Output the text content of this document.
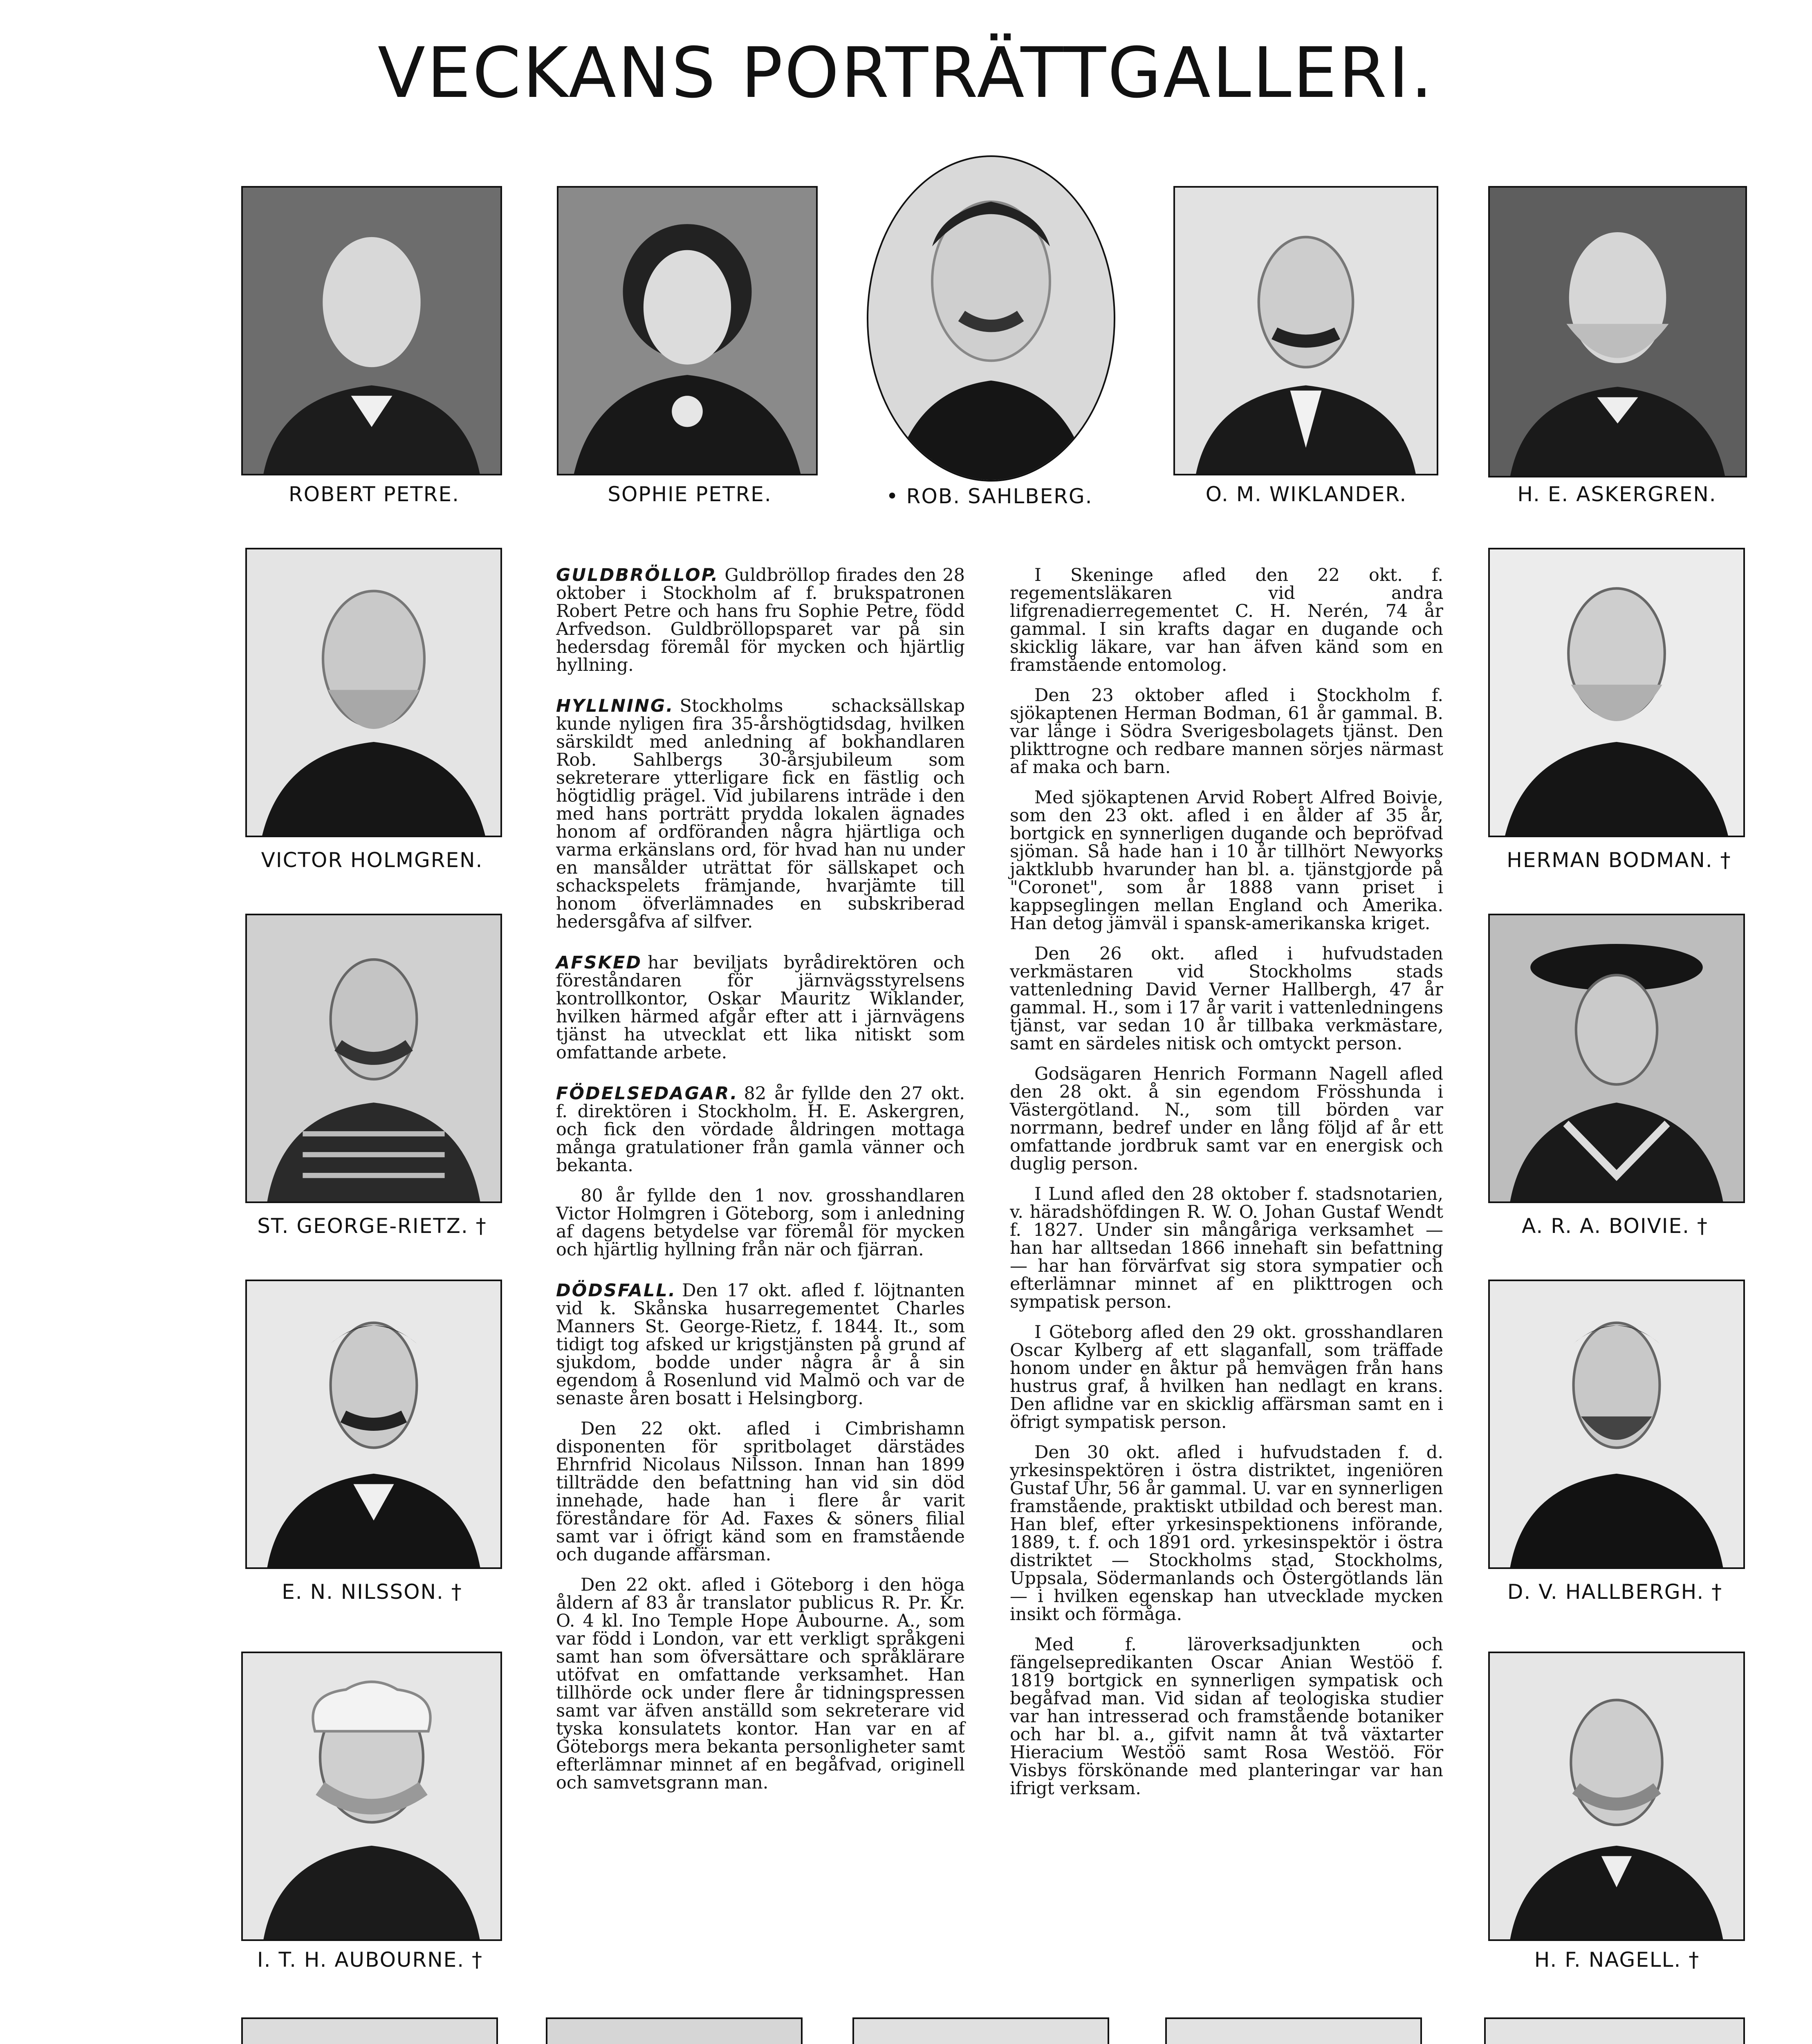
VECKANS PORTRÄTTGALLERI.
ROBERT PETRE.	SOPHIE PETRE.	• ROB. SAHLBERG.	O. M. WIKLANDER.	H. E. ASKERGREN.
VICTOR HOLMGREN.
ST. GEORGE-RIETZ. †
E. N. NILSSON. †
I. T. H. AUBOURNE. †
HERMAN BODMAN. †
A. R. A. BOIVIE. †
D. V. HALLBERGH. †
H. F. NAGELL. †

GULDBRÖLLOP. Guldbröllop firades den 28 oktober i Stockholm af f. brukspatronen Robert Petre och hans fru Sophie Petre, född Arfvedson. Guldbröllopsparet var på sin hedersdag föremål för mycken och hjärtlig hyllning.

HYLLNING. Stockholms schacksällskap kunde nyligen fira 35-årshögtidsdag, hvilken särskildt med anledning af bokhandlaren Rob. Sahlbergs 30-årsjubileum som sekreterare ytterligare fick en fästlig och högtidlig prägel. Vid jubilarens inträde i den med hans porträtt prydda lokalen ägnades honom af ordföranden några hjärtliga och varma erkänslans ord, för hvad han nu under en mansålder uträttat för sällskapet och schackspelets främjande, hvarjämte till honom öfverlämnades en subskriberad hedersgåfva af silfver.

AFSKED har beviljats byrådirektören och föreståndaren för järnvägsstyrelsens kontrollkontor, Oskar Mauritz Wiklander, hvilken härmed afgår efter att i järnvägens tjänst ha utvecklat ett lika nitiskt som omfattande arbete.

FÖDELSEDAGAR. 82 år fyllde den 27 okt. f. direktören i Stockholm. H. E. Askergren, och fick den vördade åldringen mottaga många gratulationer från gamla vänner och bekanta.

80 år fyllde den 1 nov. grosshandlaren Victor Holmgren i Göteborg, som i anledning af dagens betydelse var föremål för mycken och hjärtlig hyllning från när och fjärran.

DÖDSFALL. Den 17 okt. afled f. löjtnanten vid k. Skånska husarregementet Charles Manners St. George-Rietz, f. 1844. It., som tidigt tog afsked ur krigstjänsten på grund af sjukdom, bodde under några år å sin egendom å Rosenlund vid Malmö och var de senaste åren bosatt i Helsingborg.

Den 22 okt. afled i Cimbrishamn disponenten för spritbolaget därstädes Ehrnfrid Nicolaus Nilsson. Innan han 1899 tillträdde den befattning han vid sin död innehade, hade han i flere år varit föreståndare för Ad. Faxes & söners filial samt var i öfrigt känd som en framstående och dugande affärsman.

Den 22 okt. afled i Göteborg i den höga åldern af 83 år translator publicus R. Pr. Kr. O. 4 kl. Ino Temple Hope Aubourne. A., som var född i London, var ett verkligt språkgeni samt han som öfversättare och språklärare utöfvat en omfattande verksamhet. Han tillhörde ock under flere år tidningspressen samt var äfven anställd som sekreterare vid tyska konsulatets kontor. Han var en af Göteborgs mera bekanta personligheter samt efterlämnar minnet af en begåfvad, originell och samvetsgrann man.

I Skeninge afled den 22 okt. f. regementsläkaren vid andra lifgrenadierregementet C. H. Nerén, 74 år gammal. I sin krafts dagar en dugande och skicklig läkare, var han äfven känd som en framstående entomolog.

Den 23 oktober afled i Stockholm f. sjökaptenen Herman Bodman, 61 år gammal. B. var länge i Södra Sverigesbolagets tjänst. Den plikttrogne och redbare mannen sörjes närmast af maka och barn.

Med sjökaptenen Arvid Robert Alfred Boivie, som den 23 okt. afled i en ålder af 35 år, bortgick en synnerligen dugande och bepröfvad sjöman. Så hade han i 10 år tillhört Newyorks jaktklubb hvarunder han bl. a. tjänstgjorde på "Coronet", som år 1888 vann priset i kappseglingen mellan England och Amerika. Han detog jämväl i spansk-amerikanska kriget.

Den 26 okt. afled i hufvudstaden verkmästaren vid Stockholms stads vattenledning David Verner Hallbergh, 47 år gammal. H., som i 17 år varit i vattenledningens tjänst, var sedan 10 år tillbaka verkmästare, samt en särdeles nitisk och omtyckt person.

Godsägaren Henrich Formann Nagell afled den 28 okt. å sin egendom Frösshunda i Västergötland. N., som till börden var norrmann, bedref under en lång följd af år ett omfattande jordbruk samt var en energisk och duglig person.

I Lund afled den 28 oktober f. stadsnotarien, v. häradshöfdingen R. W. O. Johan Gustaf Wendt f. 1827. Under sin mångåriga verksamhet — han har alltsedan 1866 innehaft sin befattning — har han förvärfvat sig stora sympatier och efterlämnar minnet af en plikttrogen och sympatisk person.

I Göteborg afled den 29 okt. grosshandlaren Oscar Kylberg af ett slaganfall, som träffade honom under en åktur på hemvägen från hans hustrus graf, å hvilken han nedlagt en krans. Den aflidne var en skicklig affärsman samt en i öfrigt sympatisk person.

Den 30 okt. afled i hufvudstaden f. d. yrkesinspektören i östra distriktet, ingeniören Gustaf Uhr, 56 år gammal. U. var en synnerligen framstående, praktiskt utbildad och berest man. Han blef, efter yrkesinspektionens införande, 1889, t. f. och 1891 ord. yrkesinspektör i östra distriktet — Stockholms stad, Stockholms, Uppsala, Södermanlands och Östergötlands län — i hvilken egenskap han utvecklade mycken insikt och förmåga.

Med f. läroverksadjunkten och fängelsepredikanten Oscar Anian Westöö f. 1819 bortgick en synnerligen sympatisk och begåfvad man. Vid sidan af teologiska studier var han intresserad och framstående botaniker och har bl. a., gifvit namn åt två växtarter Hieracium Westöö samt Rosa Westöö. För Visbys förskönande med planteringar var han ifrigt verksam.
